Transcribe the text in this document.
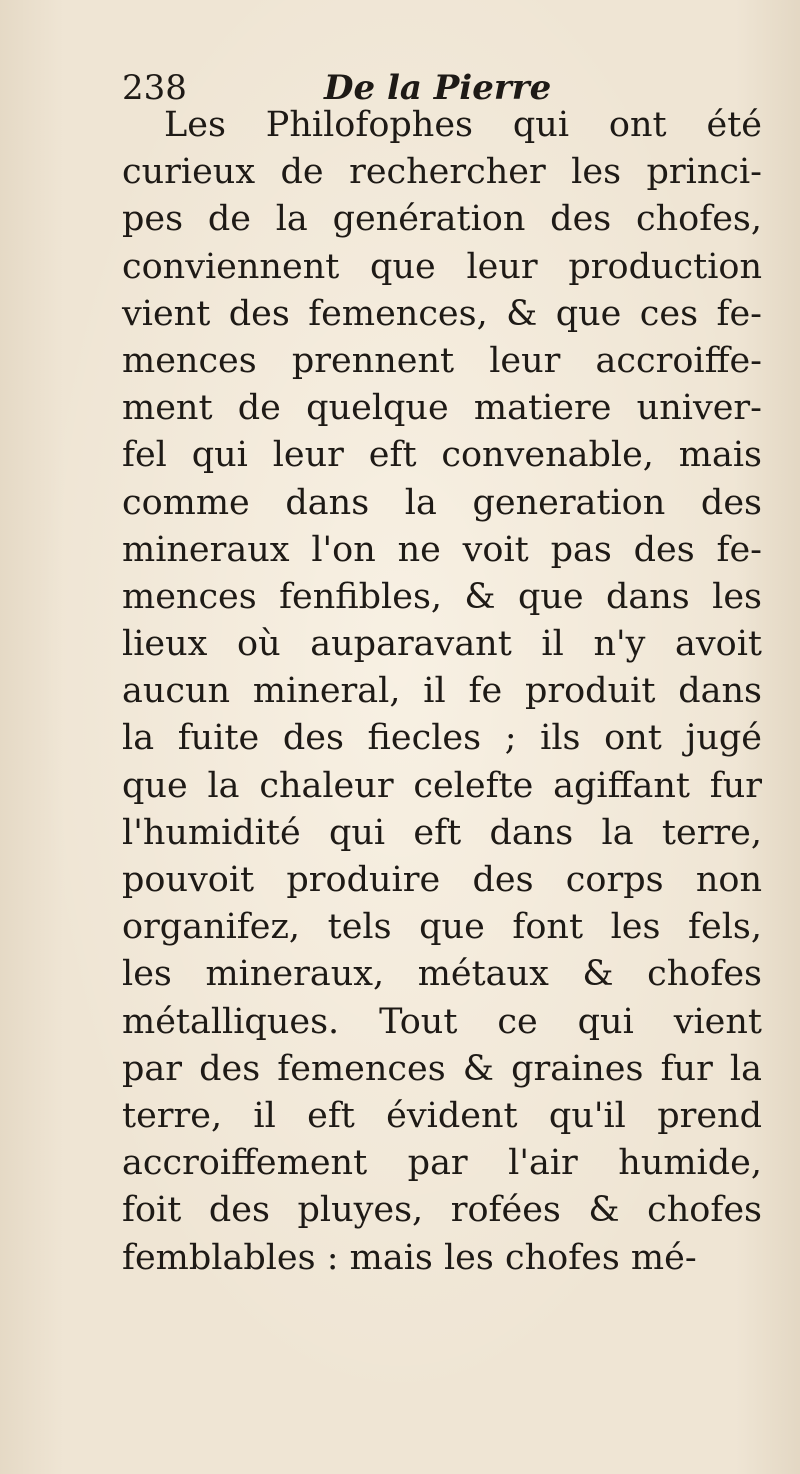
238	De la Pierre
Les Philofophes qui ont été
curieux de rechercher les princi-
pes de la genération des chofes,
conviennent que leur production
vient des femences, & que ces fe-
mences prennent leur accroiffe-
ment de quelque matiere univer-
fel qui leur eft convenable, mais
comme dans la generation des
mineraux l'on ne voit pas des fe-
mences fenfibles, & que dans les
lieux où auparavant il n'y avoit
aucun mineral, il fe produit dans
la fuite des fiecles ; ils ont jugé
que la chaleur celefte agiffant fur
l'humidité qui eft dans la terre,
pouvoit produire des corps non
organifez, tels que font les fels,
les mineraux, métaux & chofes
métalliques. Tout ce qui vient
par des femences & graines fur la
terre, il eft évident qu'il prend
accroiffement par l'air humide,
foit des pluyes, rofées & chofes
femblables : mais les chofes mé-
